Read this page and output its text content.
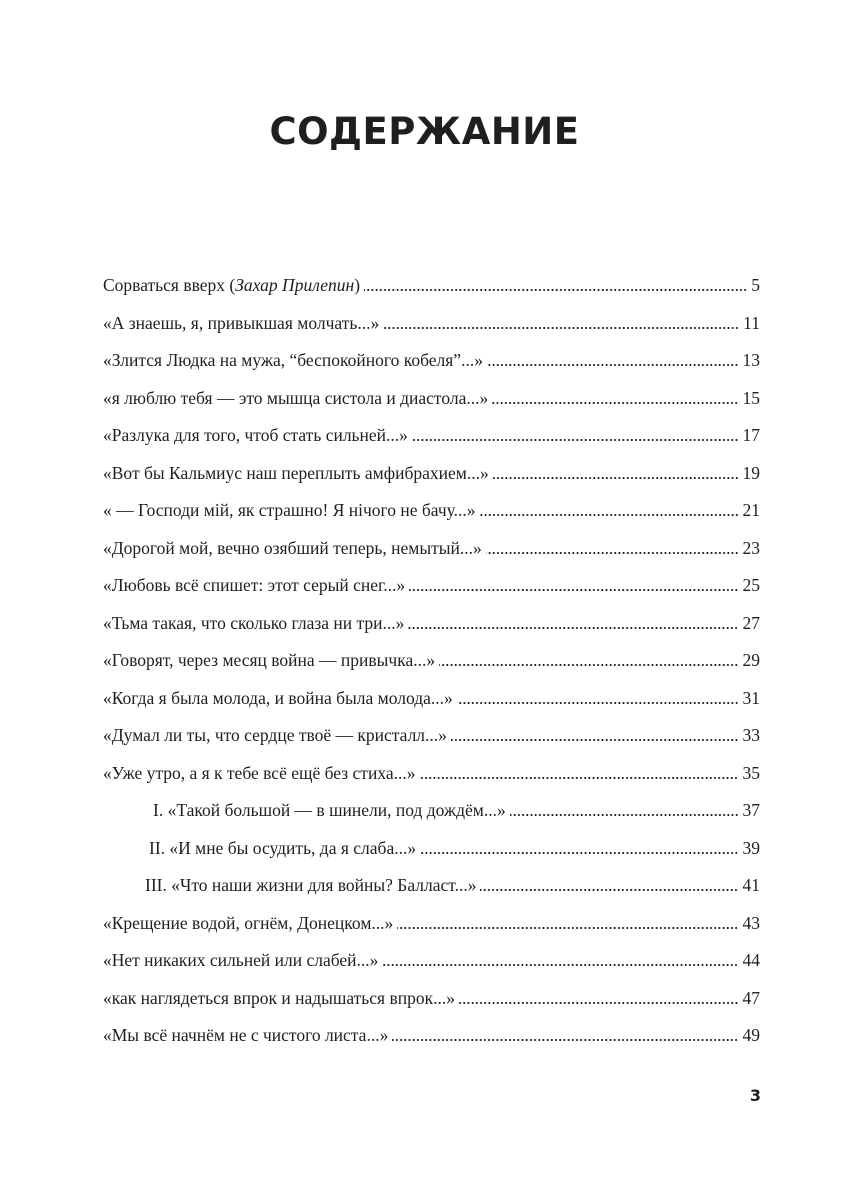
СОДЕРЖАНИЕ
Сорваться вверх (Захар Прилепин)	5
«А знаешь, я, привыкшая молчать...»	11
«Злится Людка на мужа, “беспокойного кобеля”...»	13
«я люблю тебя — это мышца систола и диастола...»	15
«Разлука для того, чтоб стать сильней...»	17
«Вот бы Кальмиус наш переплыть амфибрахием...»	19
« — Господи мій, як страшно! Я нічого не бачу...»	21
«Дорогой мой, вечно озябший теперь, немытый...»	23
«Любовь всё спишет: этот серый снег...»	25
«Тьма такая, что сколько глаза ни три...»	27
«Говорят, через месяц война — привычка...»	29
«Когда я была молода, и война была молода...»	31
«Думал ли ты, что сердце твоё — кристалл...»	33
«Уже утро, а я к тебе всё ещё без стиха...»	35
I. «Такой большой — в шинели, под дождём...»	37
II. «И мне бы осудить, да я слаба...»	39
III. «Что наши жизни для войны? Балласт...»	41
«Крещение водой, огнём, Донецком...»	43
«Нет никаких сильней или слабей...»	44
«как наглядеться впрок и надышаться впрок...»	47
«Мы всё начнём не с чистого листа...»	49
3
